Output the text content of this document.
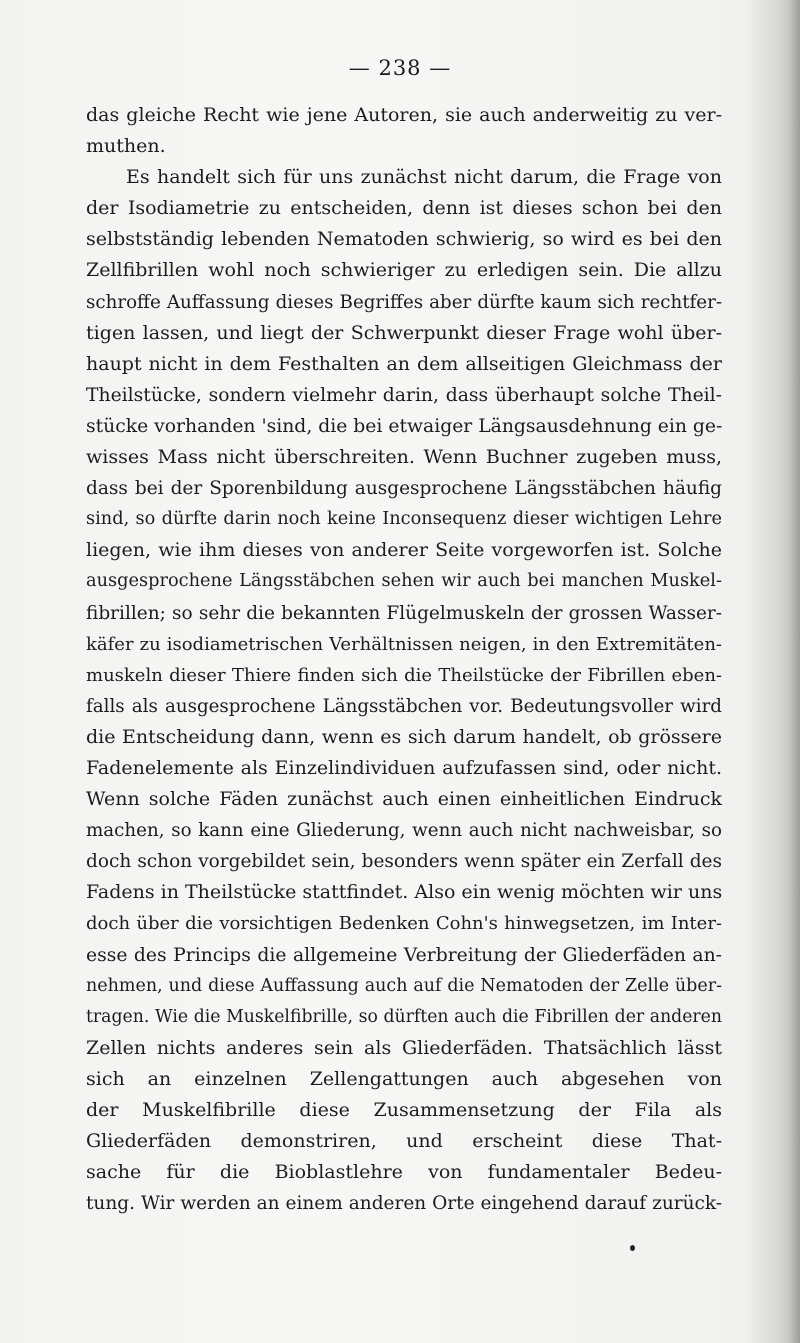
— 238 —
das gleiche Recht wie jene Autoren, sie auch anderweitig zu ver-
muthen.
Es handelt sich für uns zunächst nicht darum, die Frage von
der Isodiametrie zu entscheiden, denn ist dieses schon bei den
selbstständig lebenden Nematoden schwierig, so wird es bei den
Zellfibrillen wohl noch schwieriger zu erledigen sein. Die allzu
schroffe Auffassung dieses Begriffes aber dürfte kaum sich rechtfer-
tigen lassen, und liegt der Schwerpunkt dieser Frage wohl über-
haupt nicht in dem Festhalten an dem allseitigen Gleichmass der
Theilstücke, sondern vielmehr darin, dass überhaupt solche Theil-
stücke vorhanden 'sind, die bei etwaiger Längsausdehnung ein ge-
wisses Mass nicht überschreiten. Wenn Buchner zugeben muss,
dass bei der Sporenbildung ausgesprochene Längsstäbchen häufig
sind, so dürfte darin noch keine Inconsequenz dieser wichtigen Lehre
liegen, wie ihm dieses von anderer Seite vorgeworfen ist. Solche
ausgesprochene Längsstäbchen sehen wir auch bei manchen Muskel-
fibrillen; so sehr die bekannten Flügelmuskeln der grossen Wasser-
käfer zu isodiametrischen Verhältnissen neigen, in den Extremitäten-
muskeln dieser Thiere finden sich die Theilstücke der Fibrillen eben-
falls als ausgesprochene Längsstäbchen vor. Bedeutungsvoller wird
die Entscheidung dann, wenn es sich darum handelt, ob grössere
Fadenelemente als Einzelindividuen aufzufassen sind, oder nicht.
Wenn solche Fäden zunächst auch einen einheitlichen Eindruck
machen, so kann eine Gliederung, wenn auch nicht nachweisbar, so
doch schon vorgebildet sein, besonders wenn später ein Zerfall des
Fadens in Theilstücke stattfindet. Also ein wenig möchten wir uns
doch über die vorsichtigen Bedenken Cohn's hinwegsetzen, im Inter-
esse des Princips die allgemeine Verbreitung der Gliederfäden an-
nehmen, und diese Auffassung auch auf die Nematoden der Zelle über-
tragen. Wie die Muskelfibrille, so dürften auch die Fibrillen der anderen
Zellen nichts anderes sein als Gliederfäden. Thatsächlich lässt
sich an einzelnen Zellengattungen auch abgesehen von
der Muskelfibrille diese Zusammensetzung der Fila als
Gliederfäden demonstriren, und erscheint diese That-
sache für die Bioblastlehre von fundamentaler Bedeu-
tung. Wir werden an einem anderen Orte eingehend darauf zurück-
